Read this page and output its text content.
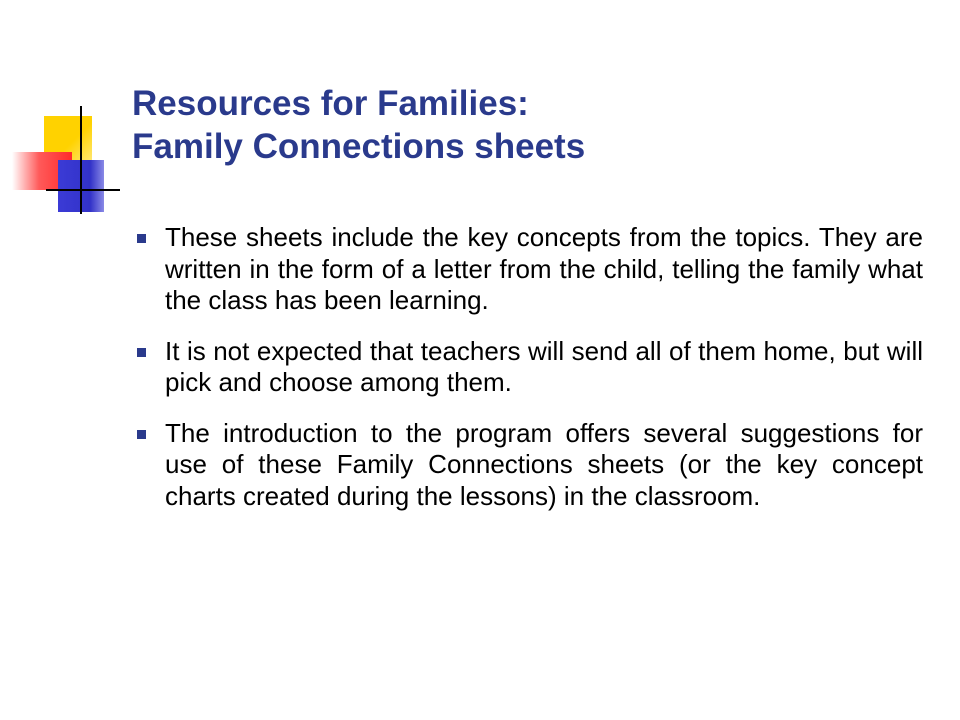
Resources for Families:
Family Connections sheets
These sheets include the key concepts from the topics. They are written in the form of a letter from the child, telling the family what the class has been learning.
It is not expected that teachers will send all of them home, but will pick and choose among them.
The introduction to the program offers several suggestions for use of these Family Connections sheets (or the key concept charts created during the lessons) in the classroom.
